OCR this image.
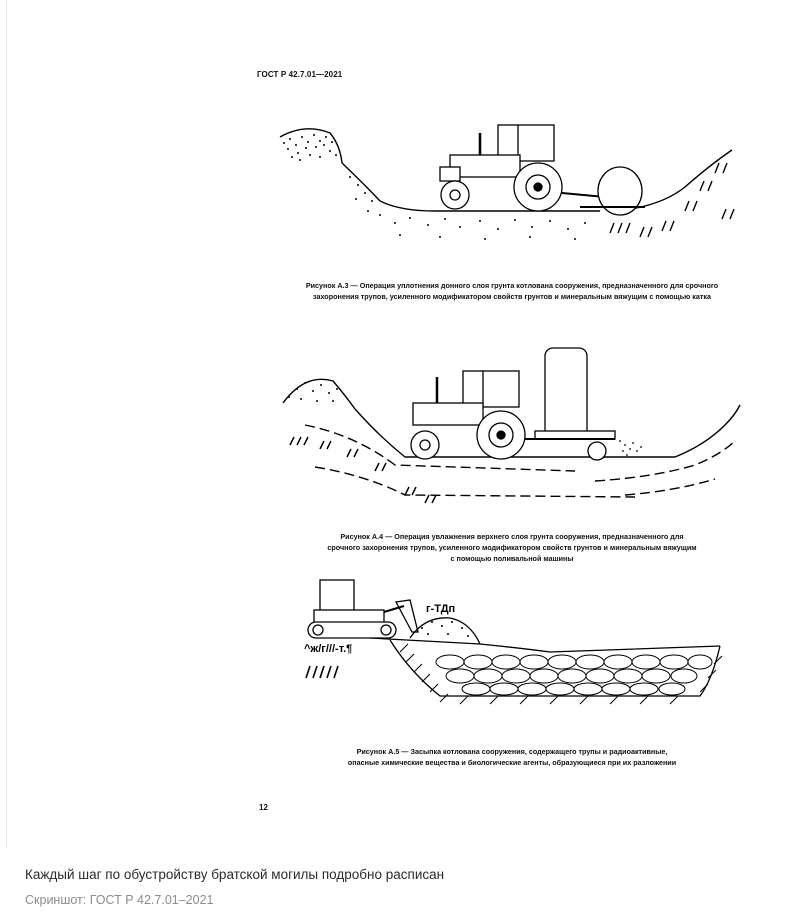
ГОСТ Р 42.7.01—2021
Рисунок А.3 — Операция уплотнения донного слоя грунта котлована сооружения, предназначенного для срочного
захоронения трупов, усиленного модификатором свойств грунтов и минеральным вяжущим с помощью катка
Рисунок А.4 — Операция увлажнения верхнего слоя грунта сооружения, предназначенного для
срочного захоронения трупов, усиленного модификатором свойств грунтов и минеральным вяжущим
с помощью поливальной машины
г-ТДп
^ж/г///-т.¶
Рисунок А.5 — Засыпка котлована сооружения, содержащего трупы и радиоактивные,
опасные химические вещества и биологические агенты, образующиеся при их разложении
12
Каждый шаг по обустройству братской могилы подробно расписан
Скриншот: ГОСТ Р 42.7.01–2021
